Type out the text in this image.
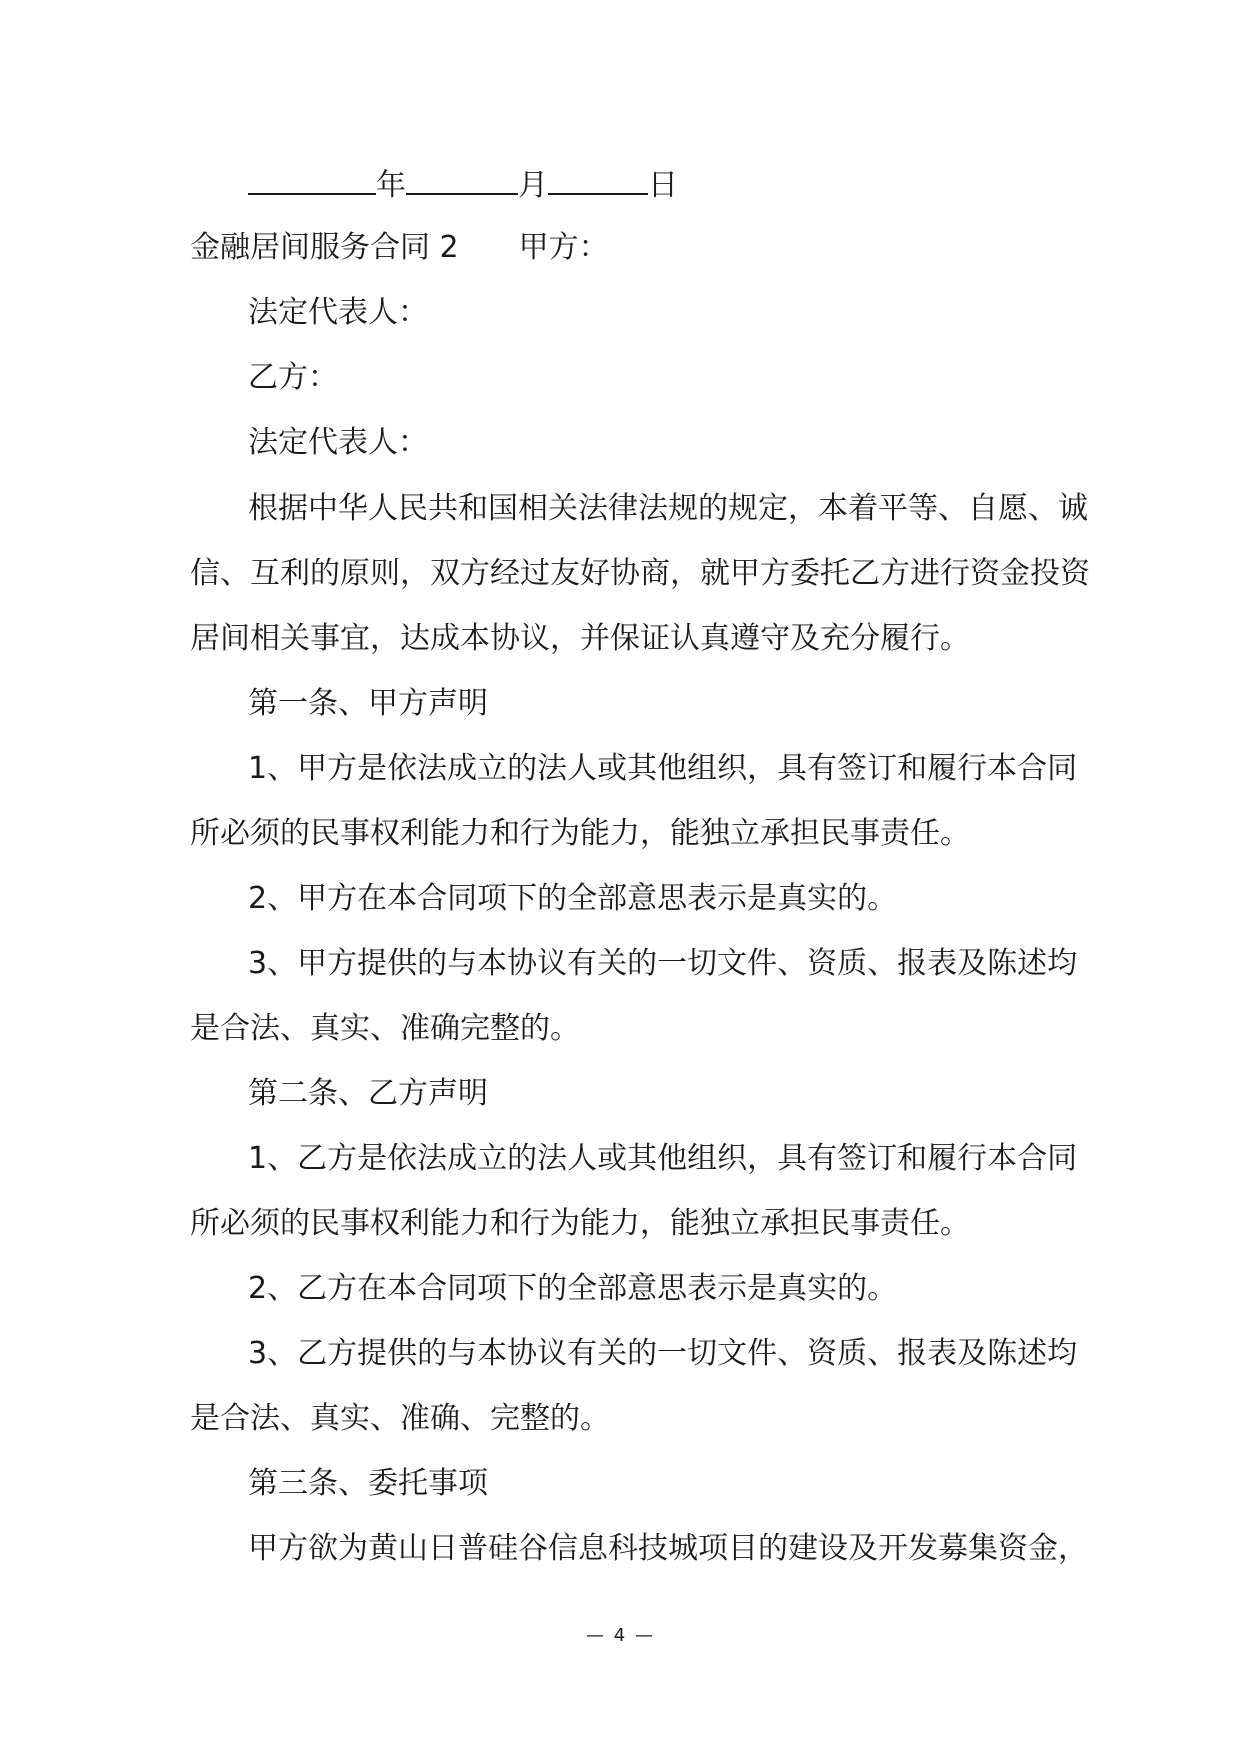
年	月	日
金融居间服务合同 2 甲方：
法定代表人：
乙方：
法定代表人：
根据中华人民共和国相关法律法规的规定，本着平等、自愿、诚
信、互利的原则，双方经过友好协商，就甲方委托乙方进行资金投资
居间相关事宜，达成本协议，并保证认真遵守及充分履行。
第一条、甲方声明
1、甲方是依法成立的法人或其他组织，具有签订和履行本合同
所必须的民事权利能力和行为能力，能独立承担民事责任。
2、甲方在本合同项下的全部意思表示是真实的。
3、甲方提供的与本协议有关的一切文件、资质、报表及陈述均
是合法、真实、准确完整的。
第二条、乙方声明
1、乙方是依法成立的法人或其他组织，具有签订和履行本合同
所必须的民事权利能力和行为能力，能独立承担民事责任。
2、乙方在本合同项下的全部意思表示是真实的。
3、乙方提供的与本协议有关的一切文件、资质、报表及陈述均
是合法、真实、准确、完整的。
第三条、委托事项
甲方欲为黄山日普硅谷信息科技城项目的建设及开发募集资金，
— 4 —
